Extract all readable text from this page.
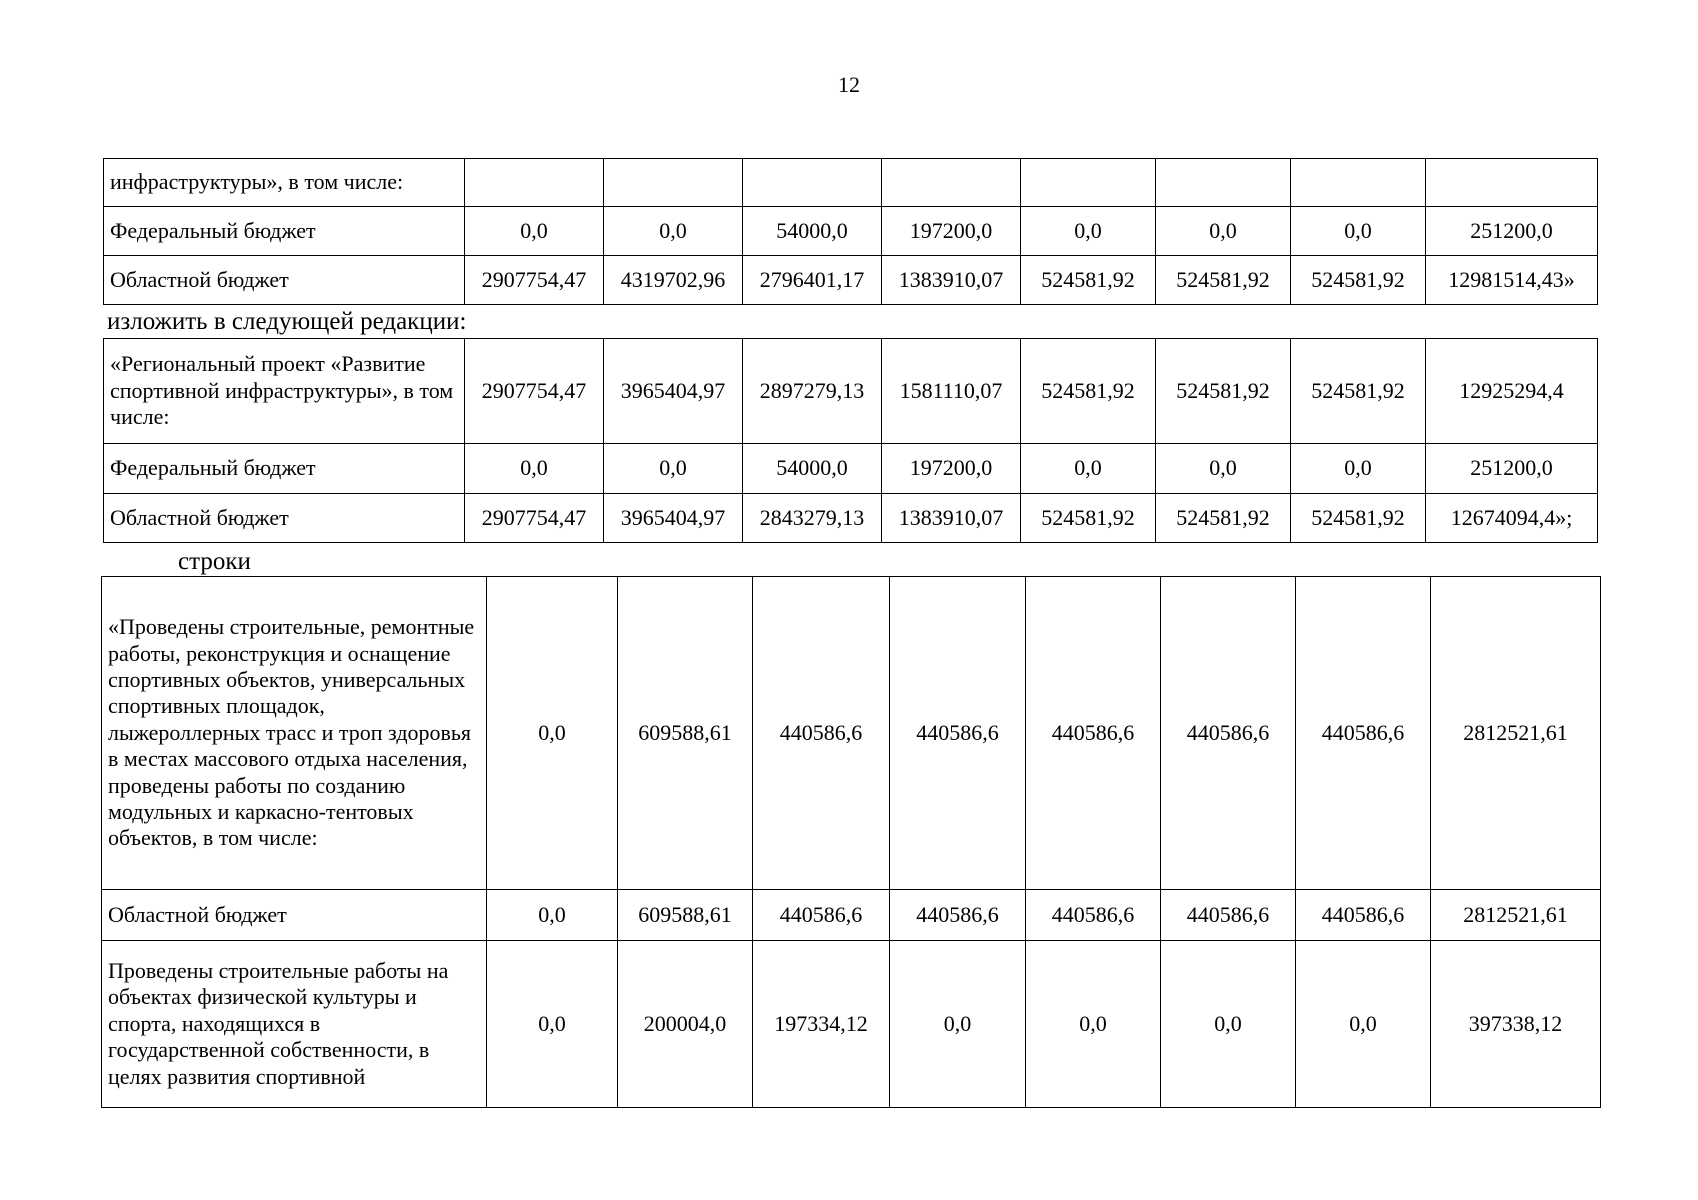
12
инфраструктуры», в том числе:								
Федеральный бюджет	0,0	0,0	54000,0	197200,0	0,0	0,0	0,0	251200,0
Областной бюджет	2907754,47	4319702,96	2796401,17	1383910,07	524581,92	524581,92	524581,92	12981514,43»
изложить в следующей редакции:
«Региональный проект «Развитие спортивной инфраструктуры», в том числе:	2907754,47	3965404,97	2897279,13	1581110,07	524581,92	524581,92	524581,92	12925294,4
Федеральный бюджет	0,0	0,0	54000,0	197200,0	0,0	0,0	0,0	251200,0
Областной бюджет	2907754,47	3965404,97	2843279,13	1383910,07	524581,92	524581,92	524581,92	12674094,4»;
строки
«Проведены строительные, ремонтные работы, реконструкция и оснащение спортивных объектов, универсальных спортивных площадок, лыжероллерных трасс и троп здоровья в местах массового отдыха населения, проведены работы по созданию модульных и каркасно-тентовых объектов, в том числе:	0,0	609588,61	440586,6	440586,6	440586,6	440586,6	440586,6	2812521,61
Областной бюджет	0,0	609588,61	440586,6	440586,6	440586,6	440586,6	440586,6	2812521,61
Проведены строительные работы на объектах физической культуры и спорта, находящихся в государственной собственности, в целях развития спортивной	0,0	200004,0	197334,12	0,0	0,0	0,0	0,0	397338,12
